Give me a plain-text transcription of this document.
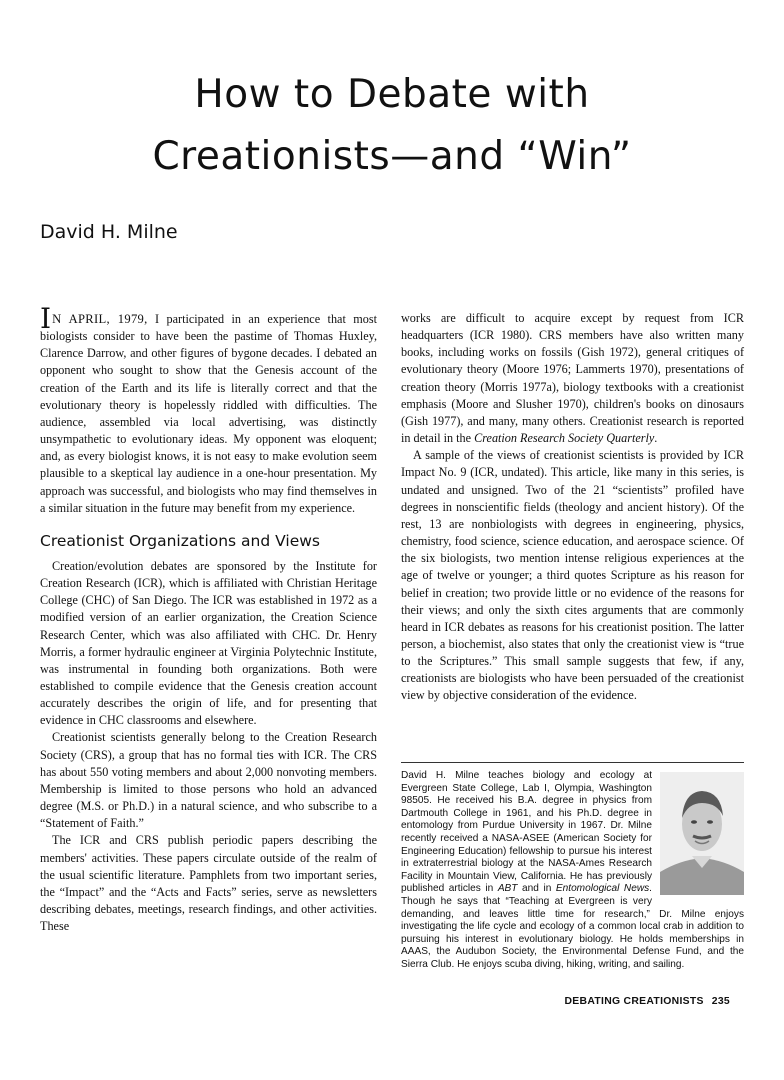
How to Debate with
Creationists—and “Win”
David H. Milne

IN APRIL, 1979, I participated in an experience that most biologists consider to have been the pastime of Thomas Huxley, Clarence Darrow, and other figures of bygone decades. I debated an opponent who sought to show that the Genesis account of the creation of the Earth and its life is literally correct and that the evolutionary theory is hopelessly riddled with difficulties. The audience, assembled via local advertising, was distinctly unsympathetic to evolutionary ideas. My opponent was eloquent; and, as every biologist knows, it is not easy to make evolution seem plausible to a skeptical lay audience in a one-hour presentation. My approach was successful, and biologists who may find themselves in a similar situation in the future may benefit from my experience.

Creationist Organizations and Views

Creation/evolution debates are sponsored by the Institute for Creation Research (ICR), which is affiliated with Christian Heritage College (CHC) of San Diego. The ICR was established in 1972 as a modified version of an earlier organization, the Creation Science Research Center, which was also affiliated with CHC. Dr. Henry Morris, a former hydraulic engineer at Virginia Polytechnic Institute, was instrumental in founding both organizations. Both were established to compile evidence that the Genesis creation account accurately describes the origin of life, and for presenting that evidence in CHC classrooms and elsewhere.

Creationist scientists generally belong to the Creation Research Society (CRS), a group that has no formal ties with ICR. The CRS has about 550 voting members and about 2,000 nonvoting members. Membership is limited to those persons who hold an advanced degree (M.S. or Ph.D.) in a natural science, and who subscribe to a “Statement of Faith.”

The ICR and CRS publish periodic papers describing the members' activities. These papers circulate outside of the realm of the usual scientific literature. Pamphlets from two important series, the “Impact” and the “Acts and Facts” series, serve as newsletters describing debates, meetings, research findings, and other activities. These

works are difficult to acquire except by request from ICR headquarters (ICR 1980). CRS members have also written many books, including works on fossils (Gish 1972), general critiques of evolutionary theory (Moore 1976; Lammerts 1970), presentations of creation theory (Morris 1977a), biology textbooks with a creationist emphasis (Moore and Slusher 1970), children's books on dinosaurs (Gish 1977), and many, many others. Creationist research is reported in detail in the Creation Research Society Quarterly.

A sample of the views of creationist scientists is provided by ICR Impact No. 9 (ICR, undated). This article, like many in this series, is undated and unsigned. Two of the 21 “scientists” profiled have degrees in nonscientific fields (theology and ancient history). Of the rest, 13 are nonbiologists with degrees in engineering, physics, chemistry, food science, science education, and aerospace science. Of the six biologists, two mention intense religious experiences at the age of twelve or younger; a third quotes Scripture as his reason for belief in creation; two provide little or no evidence of the reasons for their views; and only the sixth cites arguments that are commonly heard in ICR debates as reasons for his creationist position. The latter person, a biochemist, also states that only the creationist view is “true to the Scriptures.” This small sample suggests that few, if any, creationists are biologists who have been persuaded of the creationist view by objective consideration of the evidence.

David H. Milne teaches biology and ecology at Evergreen State College, Lab I, Olympia, Washington 98505. He received his B.A. degree in physics from Dartmouth College in 1961, and his Ph.D. degree in entomology from Purdue University in 1967. Dr. Milne recently received a NASA-ASEE (American Society for Engineering Education) fellowship to pursue his interest in extraterrestrial biology at the NASA-Ames Research Facility in Mountain View, California. He has previously published articles in ABT and in Entomological News. Though he says that “Teaching at Evergreen is very demanding, and leaves little time for research,” Dr. Milne enjoys investigating the life cycle and ecology of a common local crab in addition to pursuing his interest in evolutionary biology. He holds memberships in AAAS, the Audubon Society, the Environmental Defense Fund, and the Sierra Club. He enjoys scuba diving, hiking, writing, and sailing.

DEBATING CREATIONISTS 235
